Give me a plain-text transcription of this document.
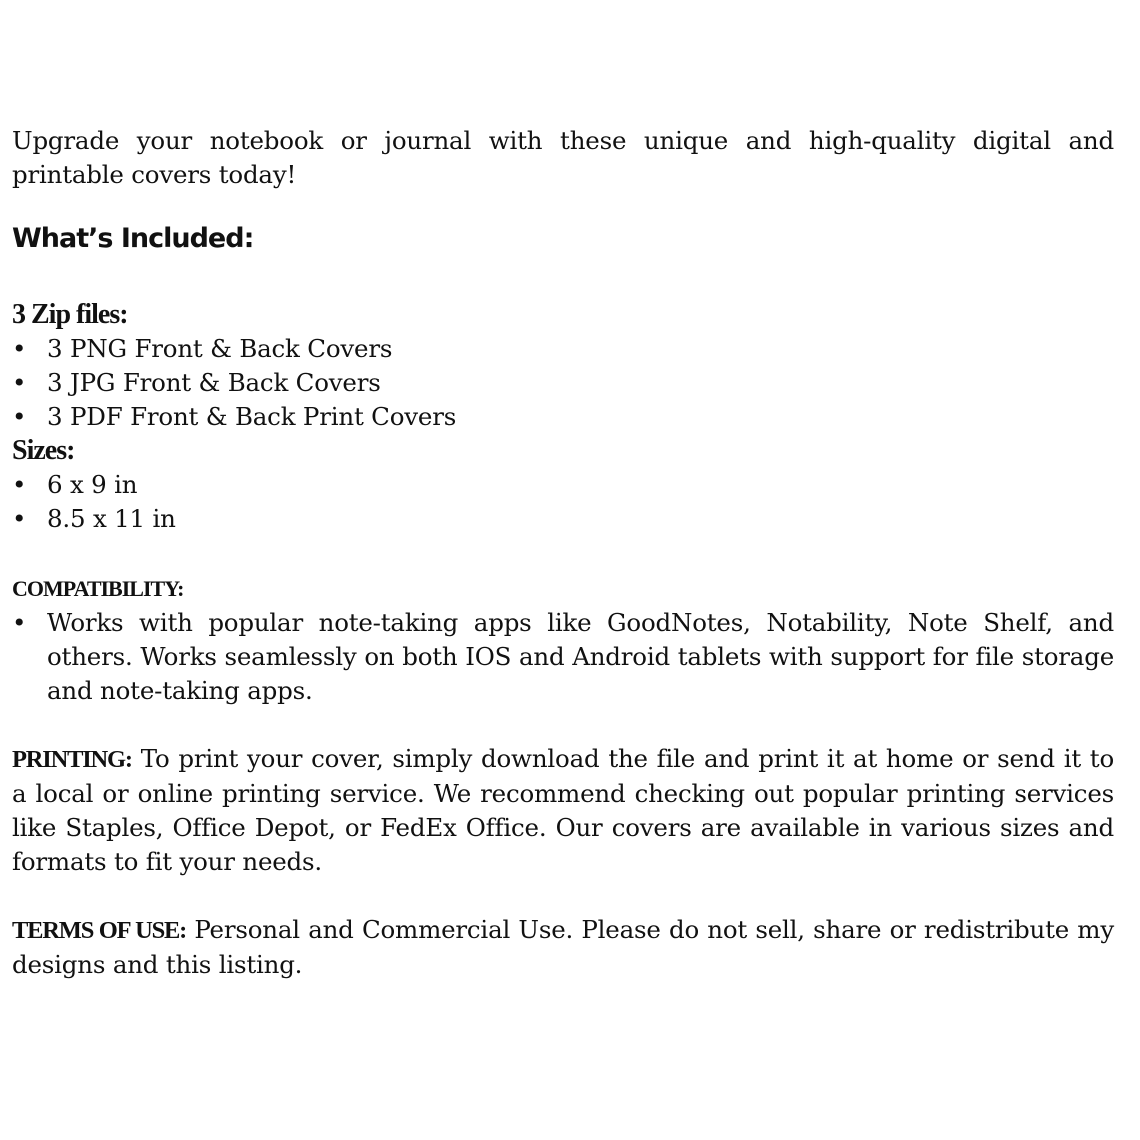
Upgrade your notebook or journal with these unique and high-quality digital and printable covers today!

What’s Included:
3 Zip files:
• 3 PNG Front & Back Covers
• 3 JPG Front & Back Covers
• 3 PDF Front & Back Print Covers
Sizes:
• 6 x 9 in
• 8.5 x 11 in
COMPATIBILITY:
• Works with popular note-taking apps like GoodNotes, Notability, Note Shelf, and others. Works seamlessly on both IOS and Android tablets with support for file storage and note-taking apps.

PRINTING: To print your cover, simply download the file and print it at home or send it to a local or online printing service. We recommend checking out popular printing services like Staples, Office Depot, or FedEx Office. Our covers are available in various sizes and formats to fit your needs.

TERMS OF USE: Personal and Commercial Use. Please do not sell, share or redistribute my designs and this listing.
